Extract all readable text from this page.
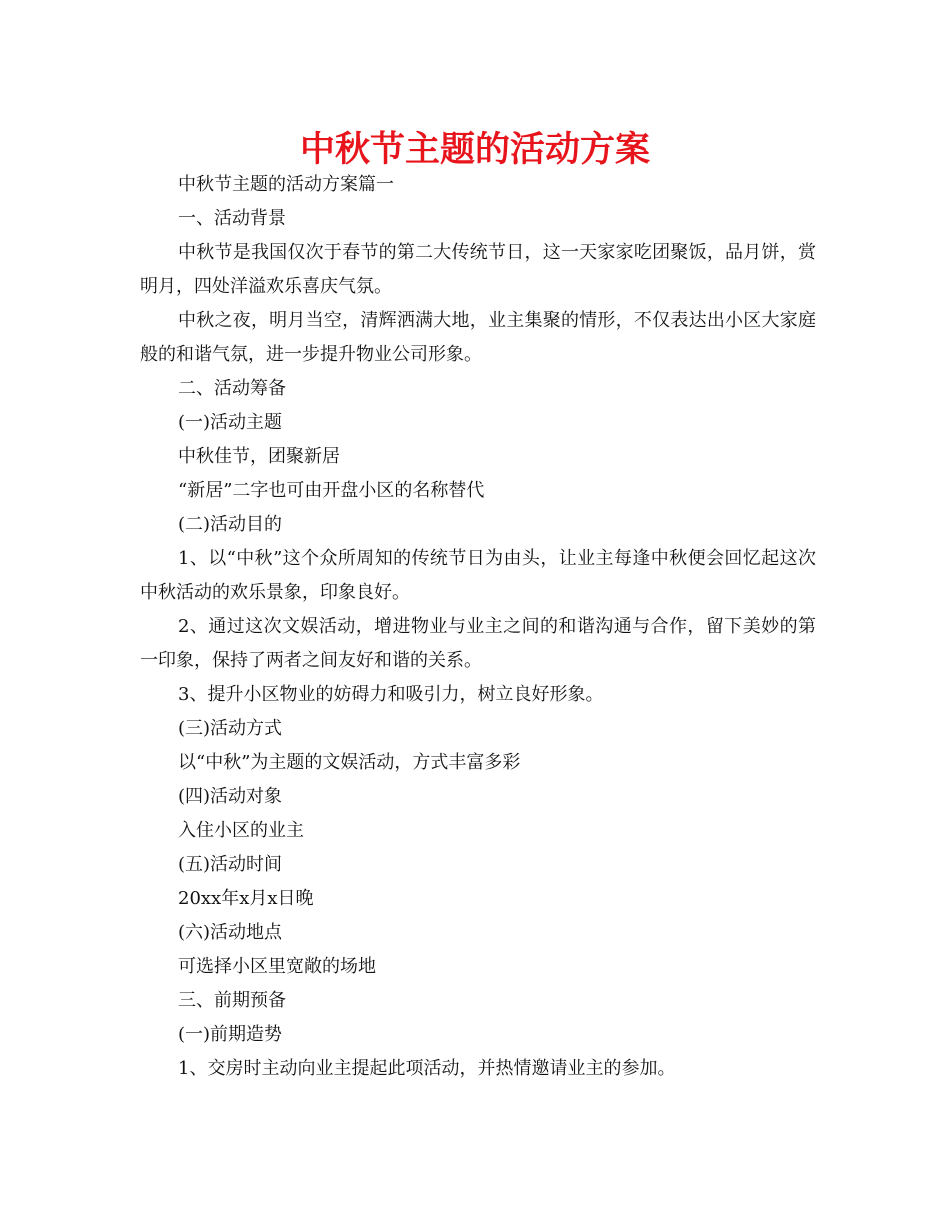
中秋节主题的活动方案

中秋节主题的活动方案篇一

一、活动背景

中秋节是我国仅次于春节的第二大传统节日，这一天家家吃团聚饭，品月饼，赏明月，四处洋溢欢乐喜庆气氛。

中秋之夜，明月当空，清辉洒满大地，业主集聚的情形，不仅表达出小区大家庭般的和谐气氛，进一步提升物业公司形象。

二、活动筹备

(一)活动主题

中秋佳节，团聚新居

“新居”二字也可由开盘小区的名称替代

(二)活动目的

1、以“中秋”这个众所周知的传统节日为由头，让业主每逢中秋便会回忆起这次中秋活动的欢乐景象，印象良好。

2、通过这次文娱活动，增进物业与业主之间的和谐沟通与合作，留下美妙的第一印象，保持了两者之间友好和谐的关系。

3、提升小区物业的妨碍力和吸引力，树立良好形象。

(三)活动方式

以“中秋”为主题的文娱活动，方式丰富多彩

(四)活动对象

入住小区的业主

(五)活动时间

20xx年x月x日晚

(六)活动地点

可选择小区里宽敞的场地

三、前期预备

(一)前期造势

1、交房时主动向业主提起此项活动，并热情邀请业主的参加。
